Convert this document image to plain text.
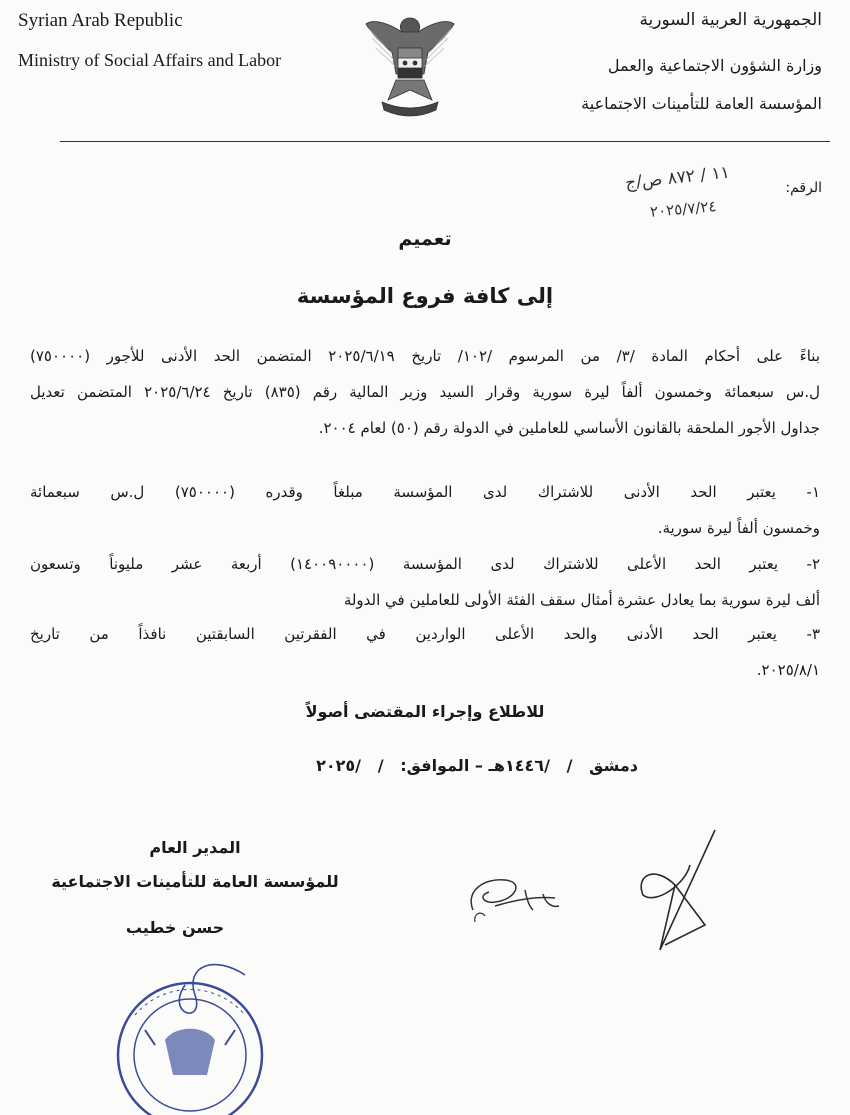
Syrian Arab Republic
Ministry of Social Affairs and Labor
الجمهورية العربية السورية
وزارة الشؤون الاجتماعية والعمل
المؤسسة العامة للتأمينات الاجتماعية
الرقم:
١١ / ٨٧٢ ص/ج
٢٠٢٥/٧/٢٤
تعميم
إلى كافة فروع المؤسسة
بناءً على أحكام المادة /٣/ من المرسوم /١٠٢/ تاريخ ٢٠٢٥/٦/١٩ المتضمن الحد الأدنى للأجور (٧٥٠٠٠٠)
ل.س سبعمائة وخمسون ألفاً ليرة سورية وقرار السيد وزير المالية رقم (٨٣٥) تاريخ ٢٠٢٥/٦/٢٤ المتضمن تعديل
جداول الأجور الملحقة بالقانون الأساسي للعاملين في الدولة رقم (٥٠) لعام ٢٠٠٤.
١- يعتبر الحد الأدنى للاشتراك لدى المؤسسة مبلغاً وقدره (٧٥٠٠٠٠) ل.س سبعمائة
وخمسون ألفاً ليرة سورية.
٢- يعتبر الحد الأعلى للاشتراك لدى المؤسسة (١٤٠٠٩٠٠٠٠) أربعة عشر مليوناً وتسعون
ألف ليرة سورية بما يعادل عشرة أمثال سقف الفئة الأولى للعاملين في الدولة
٣- يعتبر الحد الأدنى والحد الأعلى الواردين في الفقرتين السابقتين نافذاً من تاريخ
٢٠٢٥/٨/١.
للاطلاع وإجراء المقتضى أصولاً
دمشق   /   /١٤٤٦هـ – الموافق:   /   /٢٠٢٥
المدير العام
للمؤسسة العامة للتأمينات الاجتماعية
حسن خطيب
